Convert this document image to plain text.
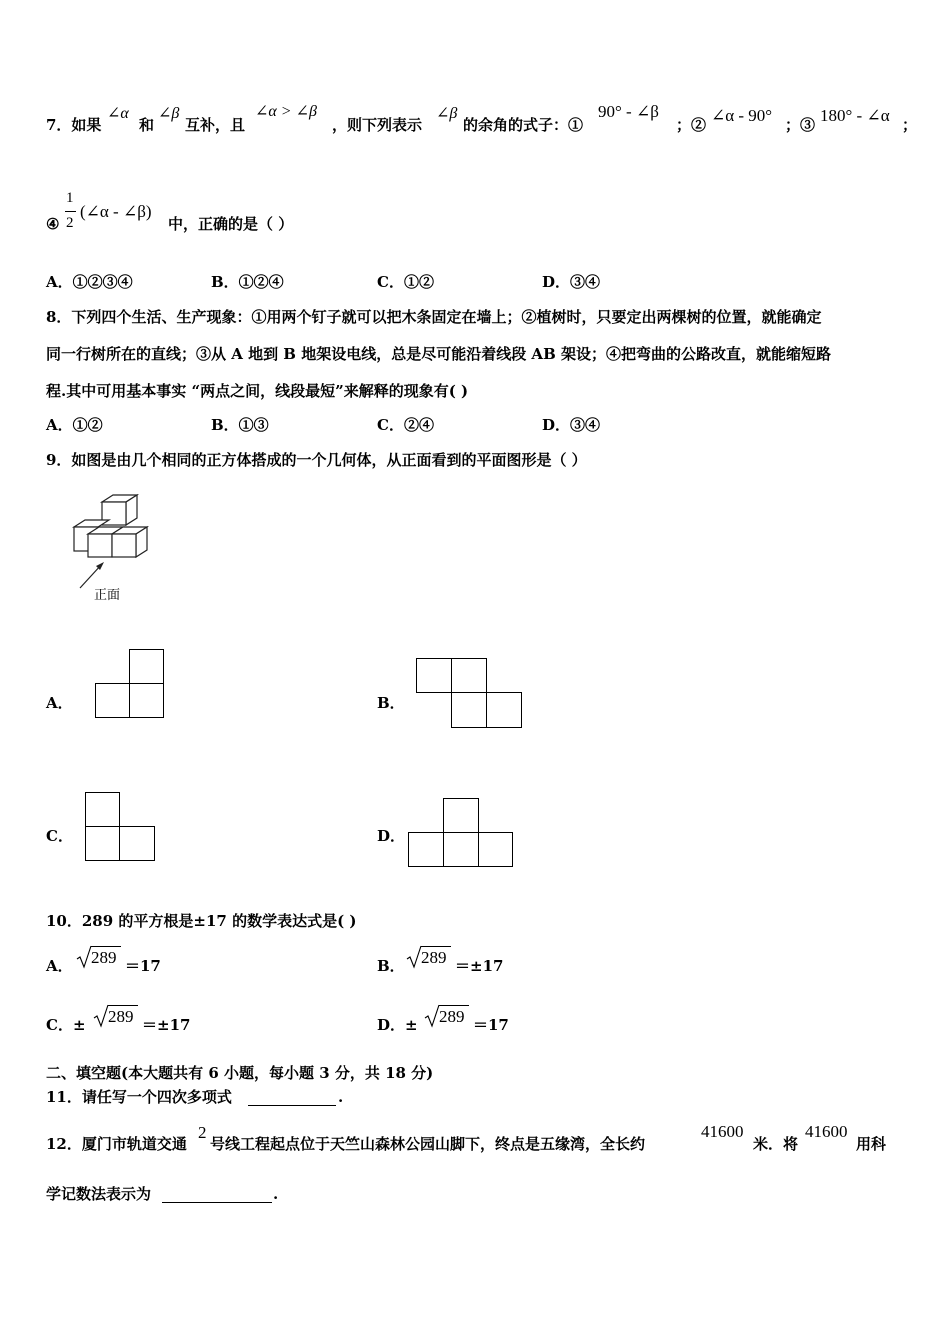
7．如果
∠α
和
∠β
互补，且
∠α > ∠β
，则下列表示
∠β
的余角的式子：①
90° - ∠β
；② ∠α - 90° ；③ 180° - ∠α ；
④
1
2
(∠α - ∠β)
中，正确的是（ ）
A．①②③④	B．①②④	C．①②	D．③④
8．下列四个生活、生产现象：①用两个钉子就可以把木条固定在墙上；②植树时，只要定出两棵树的位置，就能确定
同一行树所在的直线；③从 A 地到 B 地架设电线，总是尽可能沿着线段 AB 架设；④把弯曲的公路改直，就能缩短路
程.其中可用基本事实 “两点之间，线段最短”来解释的现象有( )
A．①②	B．①③	C．②④	D．③④
9．如图是由几个相同的正方体搭成的一个几何体，从正面看到的平面图形是（ ）
正面
A．	B．
C．	D．
10．289 的平方根是±17 的数学表达式是( )
A． 289 ＝17	B． 289 ＝±17
C．± 289 ＝±17	D．± 289 ＝17
二、填空题(本大题共有 6 小题，每小题 3 分，共 18 分)
11．请任写一个四次多项式	.
12．厦门市轨道交通
2
号线工程起点位于天竺山森林公园山脚下，终点是五缘湾，全长约
41600
米．将
41600
用科
学记数法表示为	.
